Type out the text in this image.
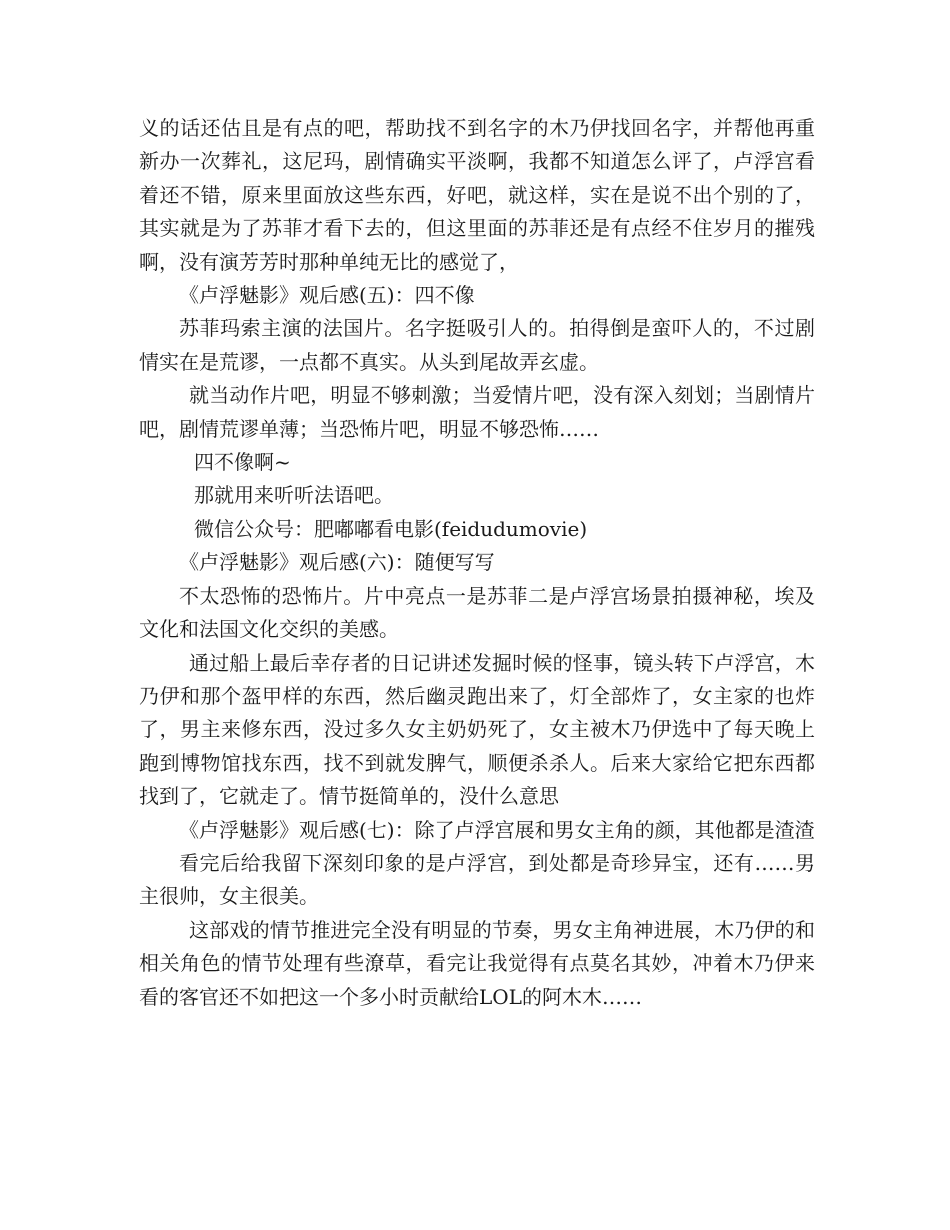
义的话还估且是有点的吧，帮助找不到名字的木乃伊找回名字，并帮他再重新办一次葬礼，这尼玛，剧情确实平淡啊，我都不知道怎么评了，卢浮宫看着还不错，原来里面放这些东西，好吧，就这样，实在是说不出个别的了，其实就是为了苏菲才看下去的，但这里面的苏菲还是有点经不住岁月的摧残啊，没有演芳芳时那种单纯无比的感觉了，

《卢浮魅影》观后感(五)：四不像

苏菲玛索主演的法国片。名字挺吸引人的。拍得倒是蛮吓人的，不过剧情实在是荒谬，一点都不真实。从头到尾故弄玄虚。

就当动作片吧，明显不够刺激；当爱情片吧，没有深入刻划；当剧情片吧，剧情荒谬单薄；当恐怖片吧，明显不够恐怖……

四不像啊~

那就用来听听法语吧。

微信公众号：肥嘟嘟看电影(feidudumovie)

《卢浮魅影》观后感(六)：随便写写

不太恐怖的恐怖片。片中亮点一是苏菲二是卢浮宫场景拍摄神秘，埃及文化和法国文化交织的美感。

通过船上最后幸存者的日记讲述发掘时候的怪事，镜头转下卢浮宫，木乃伊和那个盔甲样的东西，然后幽灵跑出来了，灯全部炸了，女主家的也炸了，男主来修东西，没过多久女主奶奶死了，女主被木乃伊选中了每天晚上跑到博物馆找东西，找不到就发脾气，顺便杀杀人。后来大家给它把东西都找到了，它就走了。情节挺简单的，没什么意思

《卢浮魅影》观后感(七)：除了卢浮宫展和男女主角的颜，其他都是渣渣

看完后给我留下深刻印象的是卢浮宫，到处都是奇珍异宝，还有……男主很帅，女主很美。

这部戏的情节推进完全没有明显的节奏，男女主角神进展，木乃伊的和相关角色的情节处理有些潦草，看完让我觉得有点莫名其妙，冲着木乃伊来看的客官还不如把这一个多小时贡献给LOL的阿木木……
